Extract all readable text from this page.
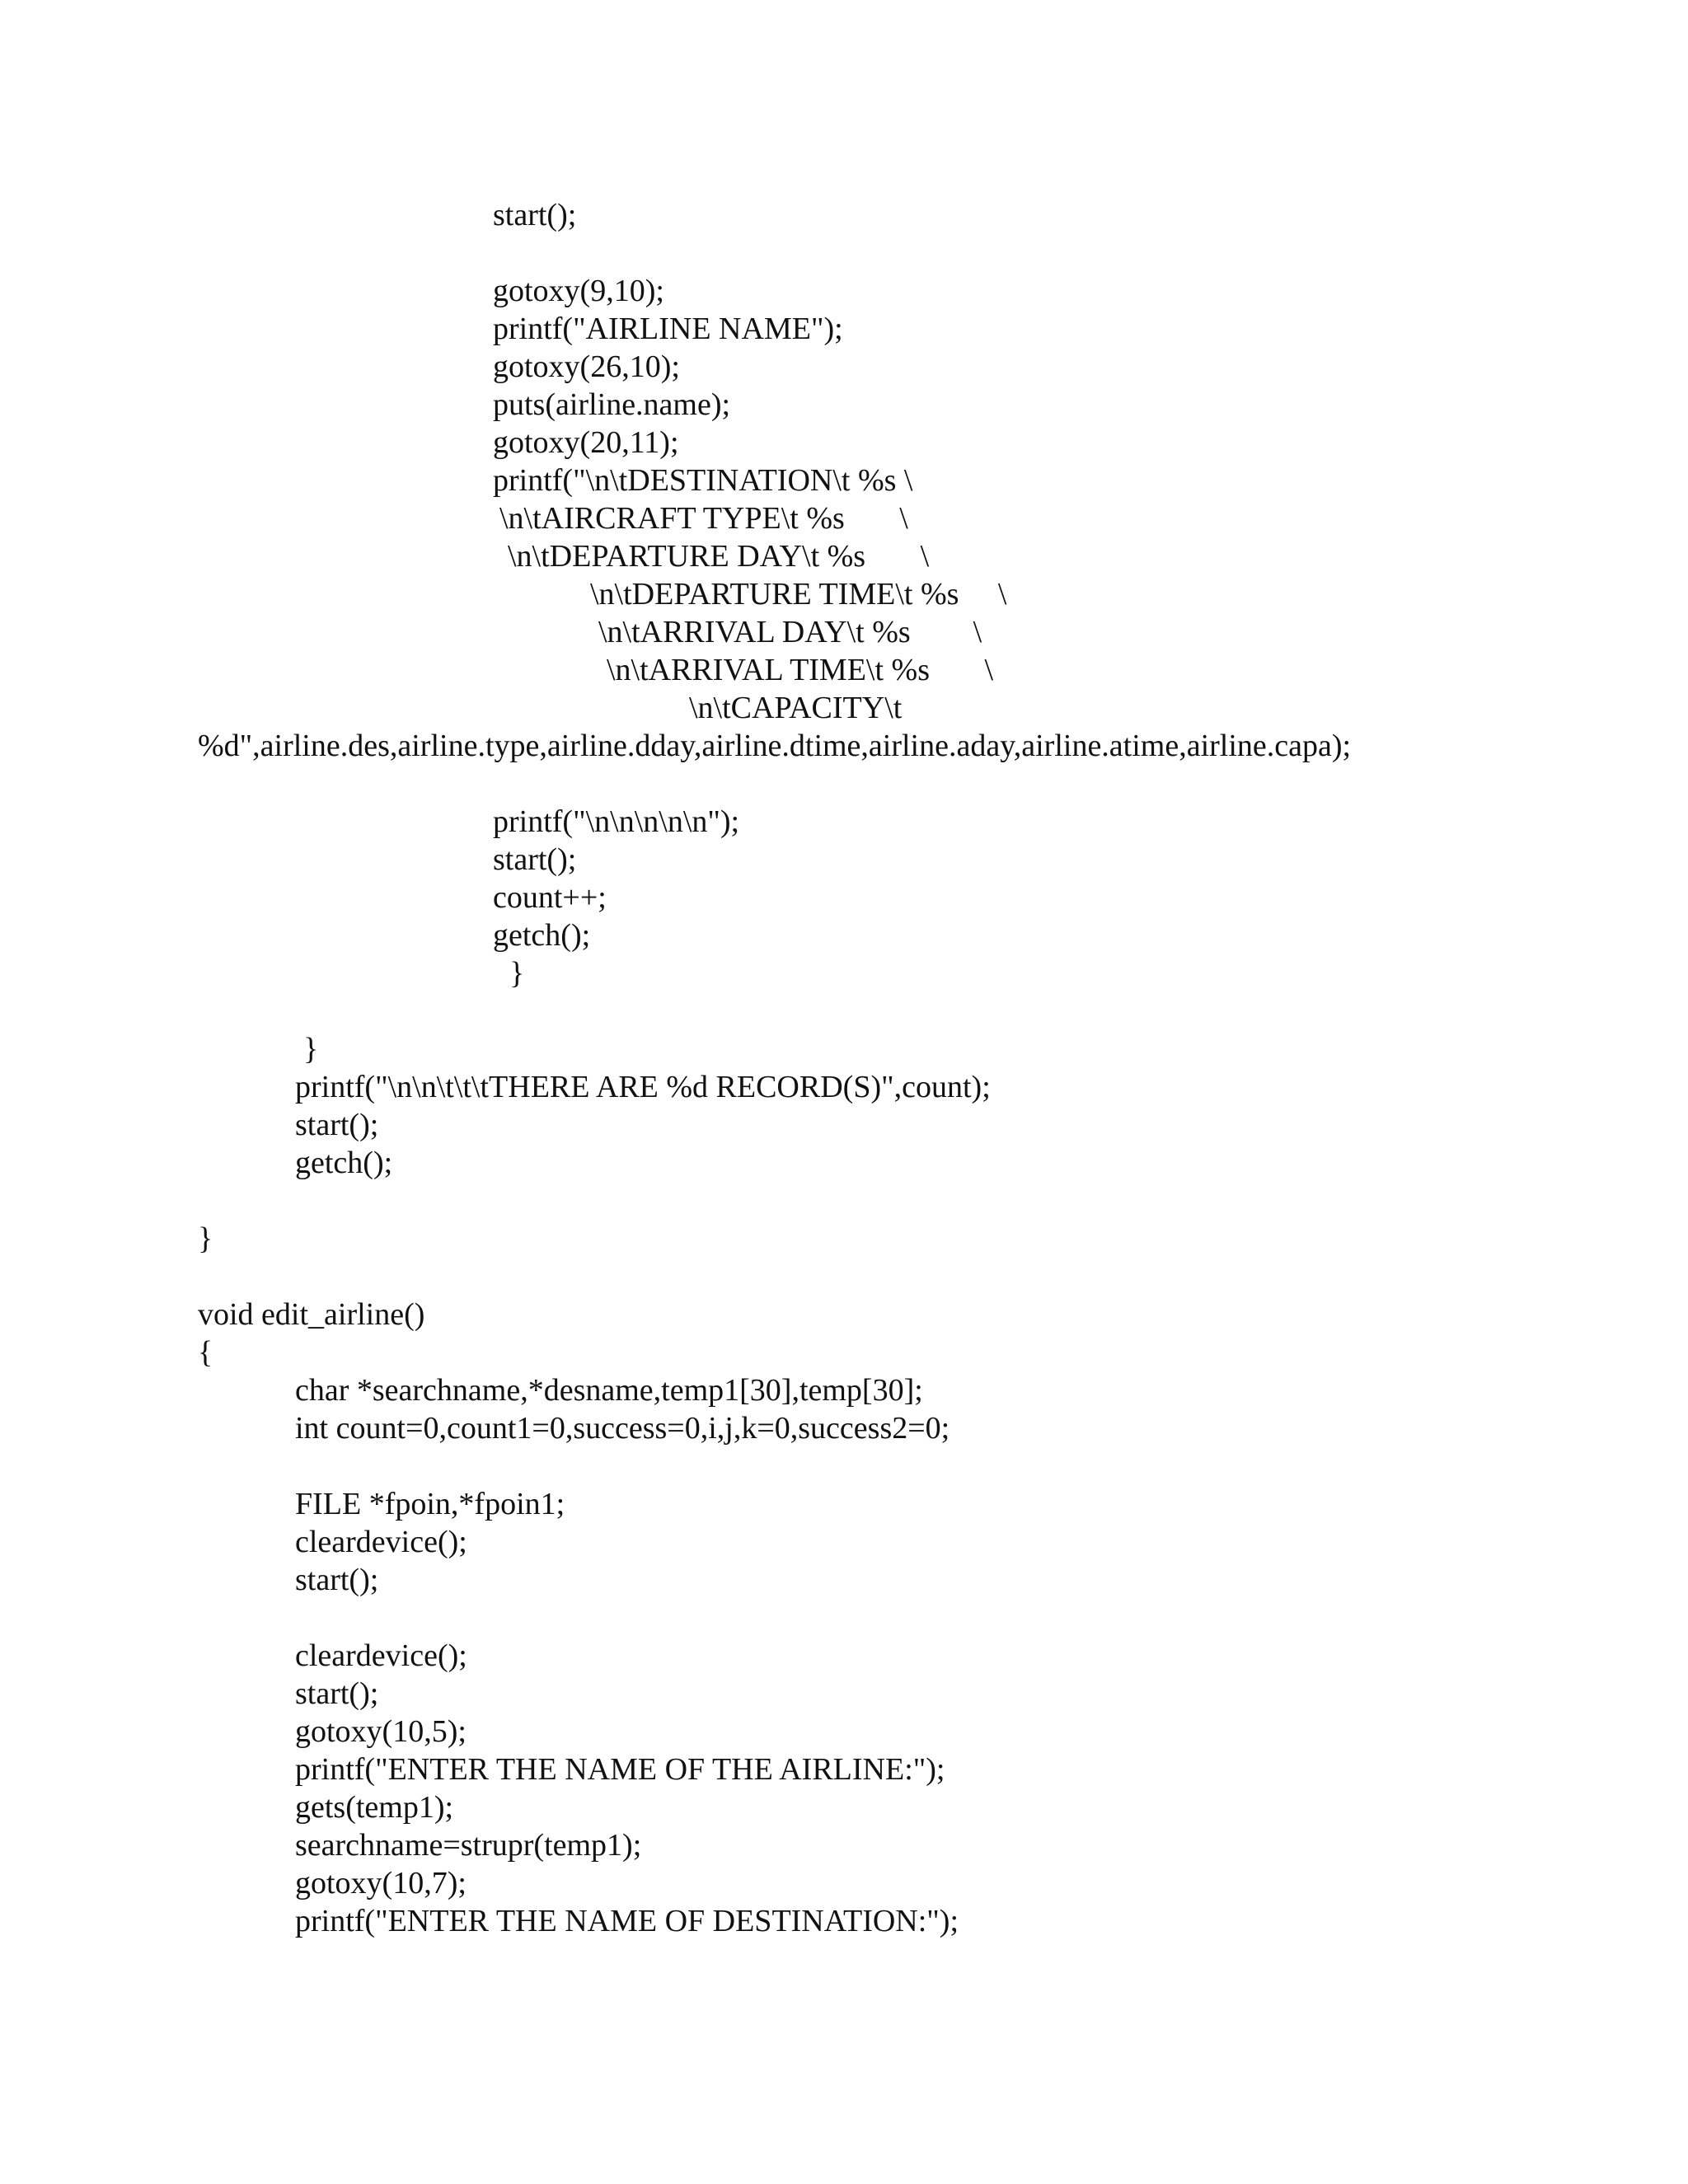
start();
gotoxy(9,10);
printf("AIRLINE NAME");
gotoxy(26,10);
puts(airline.name);
gotoxy(20,11);
printf("\n\tDESTINATION\t %s \
\n\tAIRCRAFT TYPE\t %s       \
\n\tDEPARTURE DAY\t %s       \
\n\tDEPARTURE TIME\t %s     \
\n\tARRIVAL DAY\t %s        \
\n\tARRIVAL TIME\t %s       \
\n\tCAPACITY\t
%d",airline.des,airline.type,airline.dday,airline.dtime,airline.aday,airline.atime,airline.capa);
printf("\n\n\n\n\n");
start();
count++;
getch();
}
}
printf("\n\n\t\t\tTHERE ARE %d RECORD(S)",count);
start();
getch();
}
void edit_airline()
{
char *searchname,*desname,temp1[30],temp[30];
int count=0,count1=0,success=0,i,j,k=0,success2=0;
FILE *fpoin,*fpoin1;
cleardevice();
start();
cleardevice();
start();
gotoxy(10,5);
printf("ENTER THE NAME OF THE AIRLINE:");
gets(temp1);
searchname=strupr(temp1);
gotoxy(10,7);
printf("ENTER THE NAME OF DESTINATION:");
